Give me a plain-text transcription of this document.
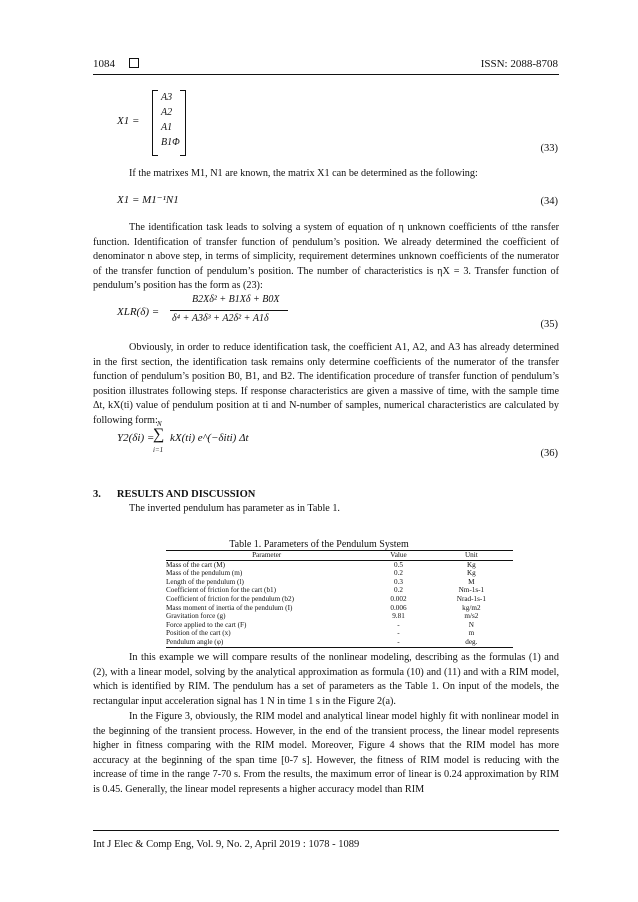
1084	ISSN: 2088-8708
X1 =
A3
A2
A1
B1Φ
(33)

If the matrixes M1, N1 are known, the matrix X1 can be determined as the following:

X1 = M1⁻¹N1	(34)

The identification task leads to solving a system of equation of η unknown coefficients of tthe ransfer function. Identification of transfer function of pendulum’s position. We already determined the coefficient of denominator n above step, in terms of simplicity, requirement determines unknown coefficients of the numerator of the transfer function of pendulum’s position. The number of characteristics is ηX = 3. Transfer function of pendulum’s position has the form as (23):

XLR(δ) =
B2Xδ² + B1Xδ + B0X
δ⁴ + A3δ³ + A2δ² + A1δ
(35)

Obviously, in order to reduce identification task, the coefficient A1, A2, and A3 has already determined in the first section, the identification task remains only determine coefficients of the numerator of the transfer function of pendulum’s position B0, B1, and B2. The identification procedure of transfer function of pendulum’s position illustrates following steps. If response characteristics are given a massive of time, with the sample time Δt, kX(ti) value of pendulum position at ti and N-number of samples, numerical characteristics are calculated by following form:

Y2(δi) =
N
∑
i=1
kX(ti) e^(−δiti) Δt
(36)
3. RESULTS AND DISCUSSION

The inverted pendulum has parameter as in Table 1.

Table 1. Parameters of the Pendulum System
Parameter	Value	Unit
Mass of the cart (M)	0.5	Kg
Mass of the pendulum (m)	0.2	Kg
Length of the pendulum (l)	0.3	M
Coefficient of friction for the cart (b1)	0.2	Nm-1s-1
Coefficient of friction for the pendulum (b2)	0.002	Nrad-1s-1
Mass moment of inertia of the pendulum (I)	0.006	kg/m2
Gravitation force (g)	9.81	m/s2
Force applied to the cart (F)	-	N
Position of the cart (x)	-	m
Pendulum angle (φ)	-	deg.

In this example we will compare results of the nonlinear modeling, describing as the formulas (1) and (2), with a linear model, solving by the analytical approximation as formula (10) and (11) and with a RIM model, which is identified by RIM. The pendulum has a set of parameters as the Table 1. On input of the models, the rectangular input acceleration signal has 1 N in time 1 s in the Figure 2(a).

In the Figure 3, obviously, the RIM model and analytical linear model highly fit with nonlinear model in the beginning of the transient process. However, in the end of the transient process, the linear model represents higher in fitness comparing with the RIM model. Moreover, Figure 4 shows that the RIM model has more accuracy at the beginning of the span time [0-7 s]. However, the fitness of RIM model is reducing with the increase of time in the range 7-70 s. From the results, the maximum error of linear is 0.24 approximation by RIM is 0.45. Generally, the linear model represents a higher accuracy model than RIM

Int J Elec & Comp Eng, Vol. 9, No. 2, April 2019 : 1078 - 1089
